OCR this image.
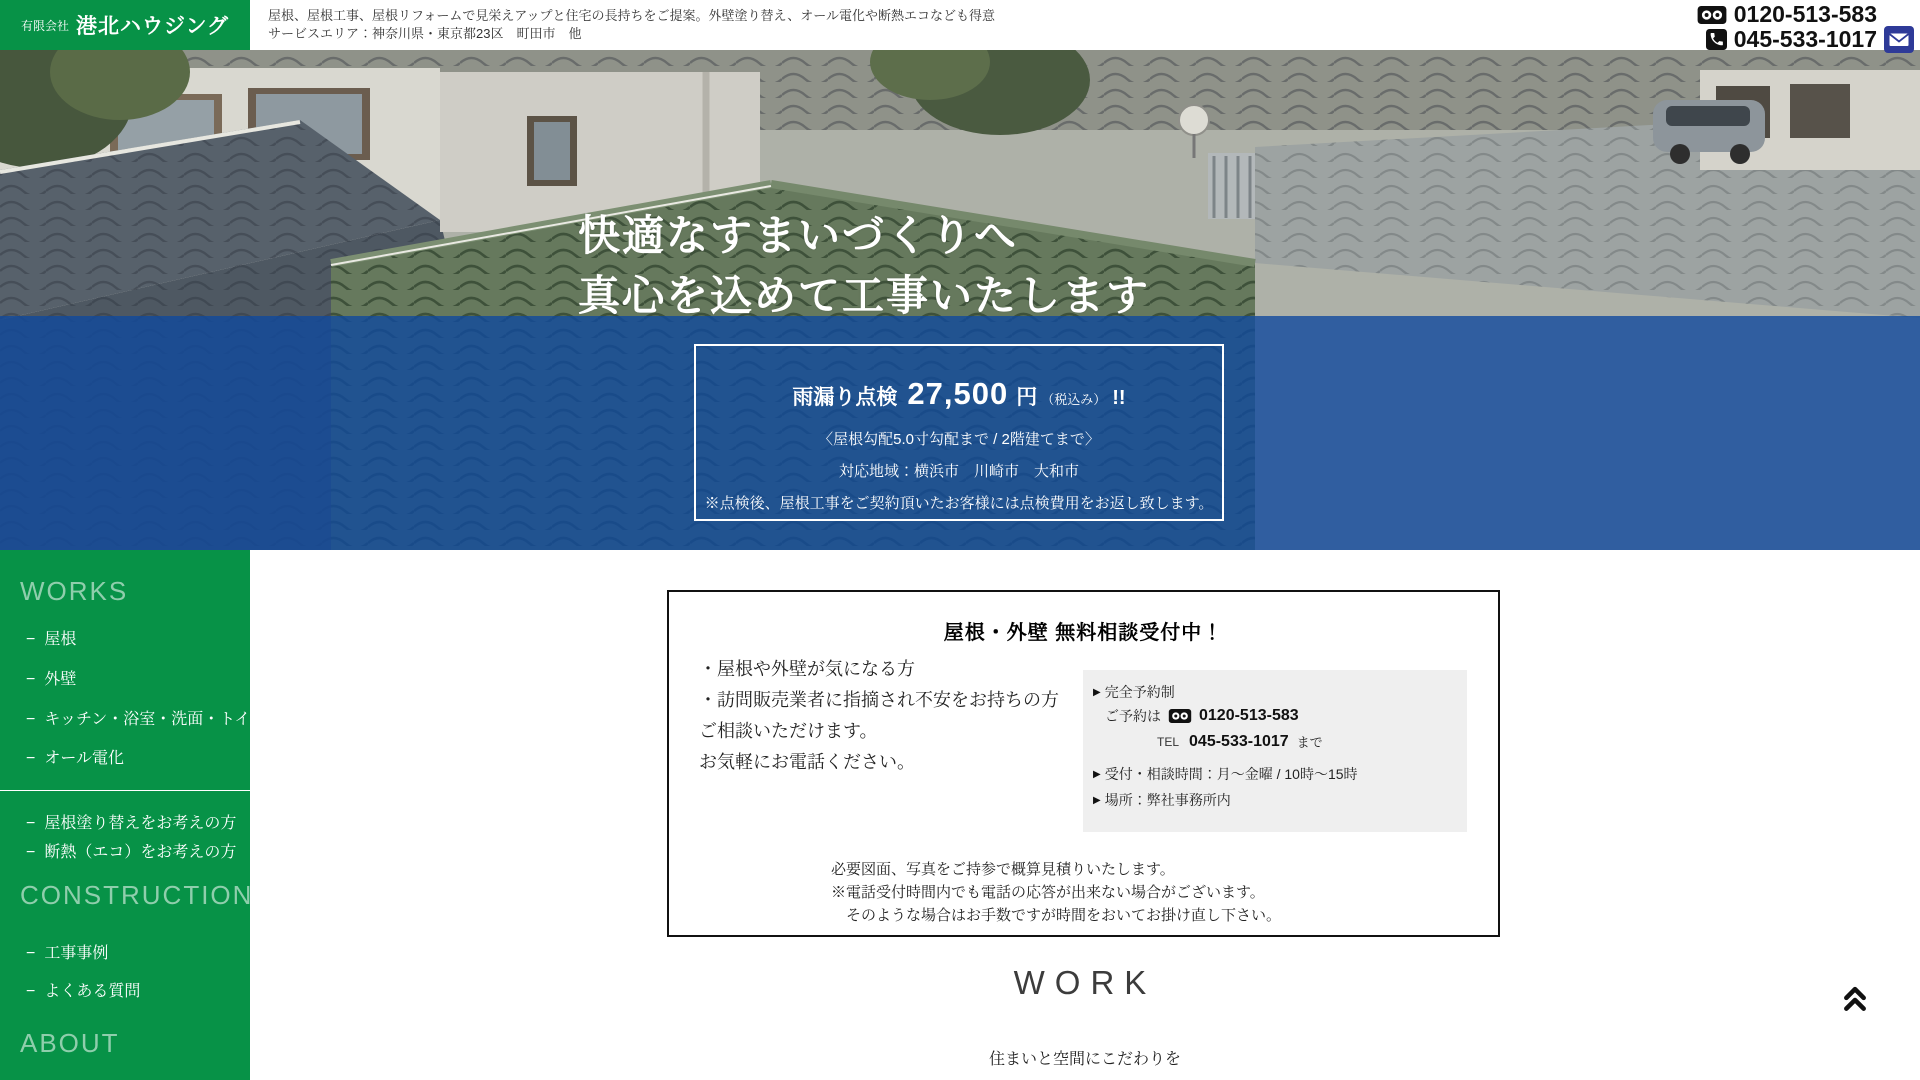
有限会社 港北ハウジング	屋根、屋根工事、屋根リフォームで見栄えアップと住宅の長持ちをご提案。外壁塗り替え、オール電化や断熱エコなども得意
サービスエリア：神奈川県・東京都23区　町田市　他
0120-513-583
045-533-1017
快適なすまいづくりへ
真心を込めて工事いたします
雨漏り点検 27,500 円 （税込み） !!
〈屋根勾配5.0寸勾配まで / 2階建てまで〉
対応地域：横浜市　川崎市　大和市
※点検後、屋根工事をご契約頂いたお客様には点検費用をお返し致します。
WORKS
− 屋根
− 外壁
− キッチン・浴室・洗面・トイレ
− オール電化
− 屋根塗り替えをお考えの方
− 断熱（エコ）をお考えの方
CONSTRUCTION
− 工事事例
− よくある質問
ABOUT
屋根・外壁 無料相談受付中！
・屋根や外壁が気になる方
・訪問販売業者に指摘され不安をお持ちの方
ご相談いただけます。
お気軽にお電話ください。
▶ 完全予約制
ご予約は 0120-513-583
TEL 045-533-1017 まで
▶ 受付・相談時間：月〜金曜 / 10時〜15時
▶ 場所：弊社事務所内
必要図面、写真をご持参で概算見積りいたします。
※電話受付時間内でも電話の応答が出来ない場合がございます。
　そのような場合はお手数ですが時間をおいてお掛け直し下さい。
WORK
住まいと空間にこだわりを
